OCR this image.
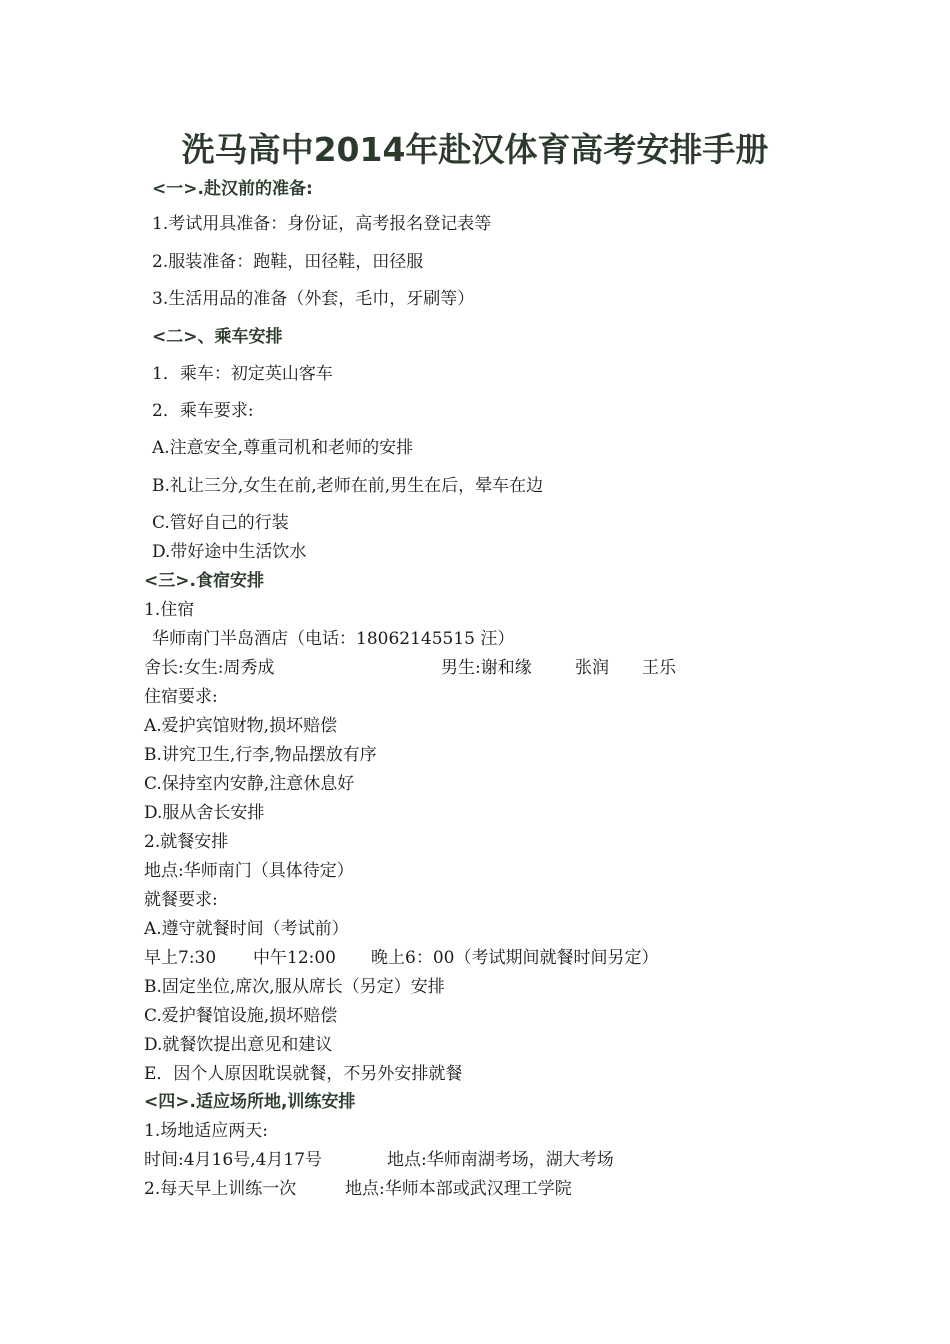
洗马高中2014年赴汉体育高考安排手册
<一>.赴汉前的准备:
1.考试用具准备：身份证，高考报名登记表等
2.服装准备：跑鞋，田径鞋，田径服
3.生活用品的准备（外套，毛巾，牙刷等）
<二>、乘车安排
1．乘车：初定英山客车
2．乘车要求:
A.注意安全,尊重司机和老师的安排
B.礼让三分,女生在前,老师在前,男生在后，晕车在边
C.管好自己的行装
D.带好途中生活饮水
<三>.食宿安排
1.住宿
华师南门半岛酒店（电话：18062145515 汪）
舍长:女生:周秀成	男生:谢和缘	张润 王乐
住宿要求:
A.爱护宾馆财物,损坏赔偿
B.讲究卫生,行李,物品摆放有序
C.保持室内安静,注意休息好
D.服从舍长安排
2.就餐安排
地点:华师南门（具体待定）
就餐要求:
A.遵守就餐时间（考试前）
早上7:30 中午12:00 晚上6：00（考试期间就餐时间另定）
B.固定坐位,席次,服从席长（另定）安排
C.爱护餐馆设施,损坏赔偿
D.就餐饮提出意见和建议
E．因个人原因耽误就餐，不另外安排就餐
<四>.适应场所地,训练安排
1.场地适应两天:
时间:4月16号,4月17号	地点:华师南湖考场，湖大考场
2.每天早上训练一次	地点:华师本部或武汉理工学院
